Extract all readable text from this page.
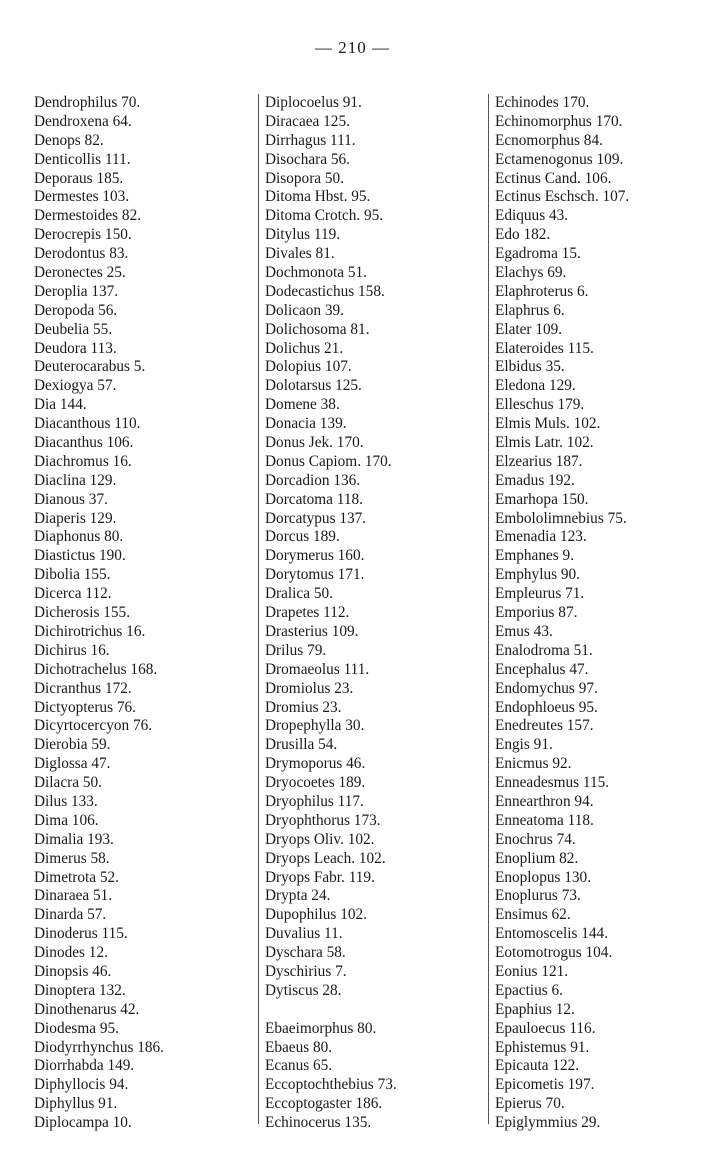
— 210 —
Dendrophilus 70.
Dendroxena 64.
Denops 82.
Denticollis 111.
Deporaus 185.
Dermestes 103.
Dermestoides 82.
Derocrepis 150.
Derodontus 83.
Deronectes 25.
Deroplia 137.
Deropoda 56.
Deubelia 55.
Deudora 113.
Deuterocarabus 5.
Dexiogya 57.
Dia 144.
Diacanthous 110.
Diacanthus 106.
Diachromus 16.
Diaclina 129.
Dianous 37.
Diaperis 129.
Diaphonus 80.
Diastictus 190.
Dibolia 155.
Dicerca 112.
Dicherosis 155.
Dichirotrichus 16.
Dichirus 16.
Dichotrachelus 168.
Dicranthus 172.
Dictyopterus 76.
Dicyrtocercyon 76.
Dierobia 59.
Diglossa 47.
Dilacra 50.
Dilus 133.
Dima 106.
Dimalia 193.
Dimerus 58.
Dimetrota 52.
Dinaraea 51.
Dinarda 57.
Dinoderus 115.
Dinodes 12.
Dinopsis 46.
Dinoptera 132.
Dinothenarus 42.
Diodesma 95.
Diodyrrhynchus 186.
Diorrhabda 149.
Diphyllocis 94.
Diphyllus 91.
Diplocampa 10.
Diplocoelus 91.
Diracaea 125.
Dirrhagus 111.
Disochara 56.
Disopora 50.
Ditoma Hbst. 95.
Ditoma Crotch. 95.
Ditylus 119.
Divales 81.
Dochmonota 51.
Dodecastichus 158.
Dolicaon 39.
Dolichosoma 81.
Dolichus 21.
Dolopius 107.
Dolotarsus 125.
Domene 38.
Donacia 139.
Donus Jek. 170.
Donus Capiom. 170.
Dorcadion 136.
Dorcatoma 118.
Dorcatypus 137.
Dorcus 189.
Dorymerus 160.
Dorytomus 171.
Dralica 50.
Drapetes 112.
Drasterius 109.
Drilus 79.
Dromaeolus 111.
Dromiolus 23.
Dromius 23.
Dropephylla 30.
Drusilla 54.
Drymoporus 46.
Dryocoetes 189.
Dryophilus 117.
Dryophthorus 173.
Dryops Oliv. 102.
Dryops Leach. 102.
Dryops Fabr. 119.
Drypta 24.
Dupophilus 102.
Duvalius 11.
Dyschara 58.
Dyschirius 7.
Dytiscus 28.
Ebaeimorphus 80.
Ebaeus 80.
Ecanus 65.
Eccoptochthebius 73.
Eccoptogaster 186.
Echinocerus 135.
Echinodes 170.
Echinomorphus 170.
Ecnomorphus 84.
Ectamenogonus 109.
Ectinus Cand. 106.
Ectinus Eschsch. 107.
Ediquus 43.
Edo 182.
Egadroma 15.
Elachys 69.
Elaphroterus 6.
Elaphrus 6.
Elater 109.
Elateroides 115.
Elbidus 35.
Eledona 129.
Elleschus 179.
Elmis Muls. 102.
Elmis Latr. 102.
Elzearius 187.
Emadus 192.
Emarhopa 150.
Embololimnebius 75.
Emenadia 123.
Emphanes 9.
Emphylus 90.
Empleurus 71.
Emporius 87.
Emus 43.
Enalodroma 51.
Encephalus 47.
Endomychus 97.
Endophloeus 95.
Enedreutes 157.
Engis 91.
Enicmus 92.
Enneadesmus 115.
Ennearthron 94.
Enneatoma 118.
Enochrus 74.
Enoplium 82.
Enoplopus 130.
Enoplurus 73.
Ensimus 62.
Entomoscelis 144.
Eotomotrogus 104.
Eonius 121.
Epactius 6.
Epaphius 12.
Epauloecus 116.
Ephistemus 91.
Epicauta 122.
Epicometis 197.
Epierus 70.
Epiglymmius 29.
